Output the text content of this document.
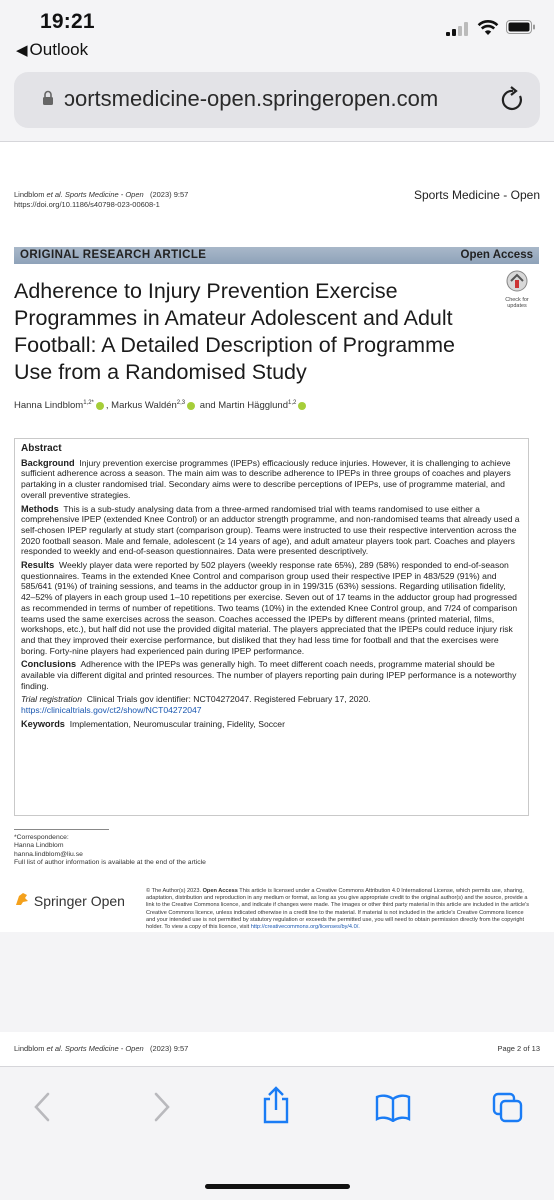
19:21
◀ Outlook
ɔortsmedicine-open.springeropen.com
Lindblom et al. Sports Medicine - Open (2023) 9:57
https://doi.org/10.1186/s40798-023-00608-1
Sports Medicine - Open
ORIGINAL RESEARCH ARTICLE	Open Access
Adherence to Injury Prevention Exercise Programmes in Amateur Adolescent and Adult Football: A Detailed Description of Programme Use from a Randomised Study
Check for updates
Hanna Lindblom$^{1,2*}$ , Markus Waldén$^{2,3}$ and Martin Hägglund$^{1,2}$
Abstract

Background Injury prevention exercise programmes (IPEPs) efficaciously reduce injuries. However, it is challenging to achieve sufficient adherence across a season. The main aim was to describe adherence to IPEPs in three groups of coaches and players partaking in a cluster randomised trial. Secondary aims were to describe perceptions of IPEPs, use of programme material, and overall preventive strategies.

Methods This is a sub-study analysing data from a three-armed randomised trial with teams randomised to use either a comprehensive IPEP (extended Knee Control) or an adductor strength programme, and non-randomised teams that already used a self-chosen IPEP regularly at study start (comparison group). Teams were instructed to use their respective intervention across the 2020 football season. Male and female, adolescent (≥ 14 years of age), and adult amateur players took part. Coaches and players responded to weekly and end-of-season questionnaires. Data were presented descriptively.

Results Weekly player data were reported by 502 players (weekly response rate 65%), 289 (58%) responded to end-of-season questionnaires. Teams in the extended Knee Control and comparison group used their respective IPEP in 483/529 (91%) and 585/641 (91%) of training sessions, and teams in the adductor group in in 199/315 (63%) sessions. Regarding utilisation fidelity, 42–52% of players in each group used 1–10 repetitions per exercise. Seven out of 17 teams in the adductor group had progressed as recommended in terms of number of repetitions. Two teams (10%) in the extended Knee Control group, and 7/24 of comparison teams used the same exercises across the season. Coaches accessed the IPEPs by different means (printed material, films, workshops, etc.), but half did not use the provided digital material. The players appreciated that the IPEPs could reduce injury risk and that they improved their exercise performance, but disliked that they had less time for football and that the exercises were boring. Forty-nine players had experienced pain during IPEP performance.

Conclusions Adherence with the IPEPs was generally high. To meet different coach needs, programme material should be available via different digital and printed resources. The number of players reporting pain during IPEP performance is a noteworthy finding.

Trial registration Clinical Trials gov identifier: NCT04272047. Registered February 17, 2020. https://clinicaltrials.gov/ct2/show/NCT04272047

Keywords Implementation, Neuromuscular training, Fidelity, Soccer

*Correspondence:
Hanna Lindblom
hanna.lindblom@liu.se
Full list of author information is available at the end of the article
Springer Open
© The Author(s) 2023. Open Access This article is licensed under a Creative Commons Attribution 4.0 International License, which permits use, sharing, adaptation, distribution and reproduction in any medium or format, as long as you give appropriate credit to the original author(s) and the source, provide a link to the Creative Commons licence, and indicate if changes were made. The images or other third party material in this article are included in the article's Creative Commons licence, unless indicated otherwise in a credit line to the material. If material is not included in the article's Creative Commons licence and your intended use is not permitted by statutory regulation or exceeds the permitted use, you will need to obtain permission directly from the copyright holder. To view a copy of this licence, visit http://creativecommons.org/licenses/by/4.0/.
Lindblom et al. Sports Medicine - Open (2023) 9:57	Page 2 of 13
